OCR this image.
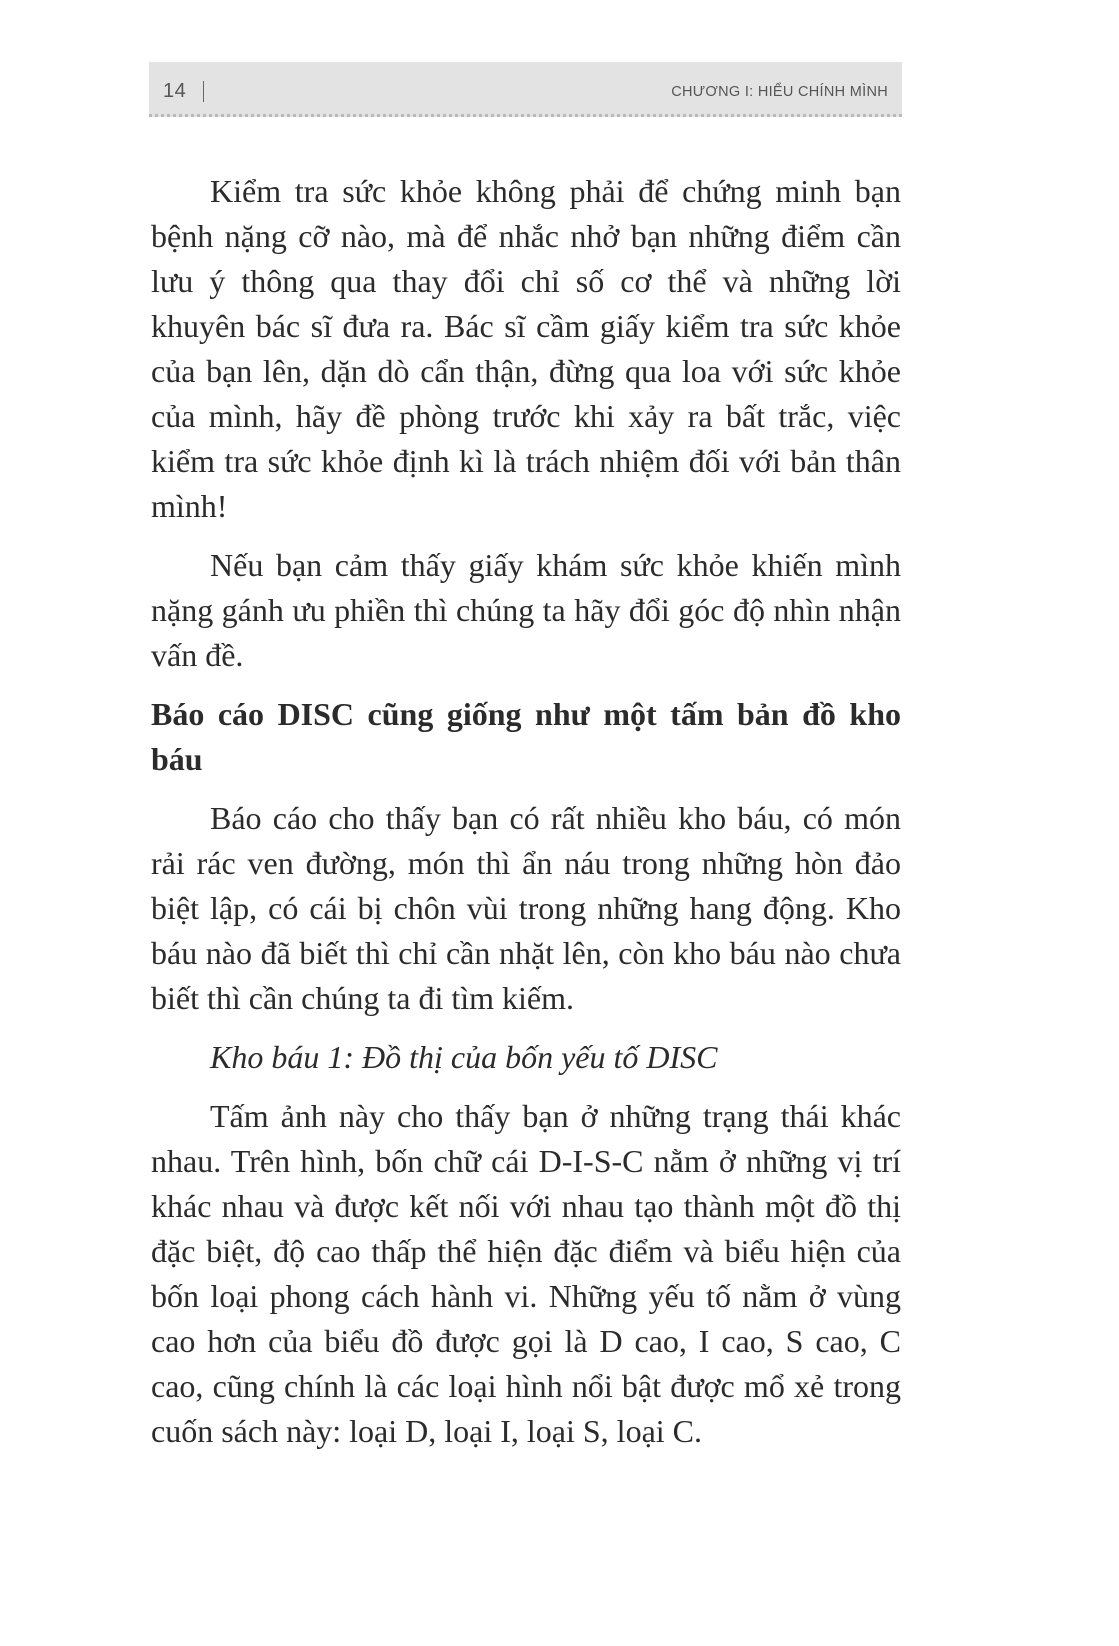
14	CHƯƠNG I: HIỂU CHÍNH MÌNH

Kiểm tra sức khỏe không phải để chứng minh bạn bệnh nặng cỡ nào, mà để nhắc nhở bạn những điểm cần lưu ý thông qua thay đổi chỉ số cơ thể và những lời khuyên bác sĩ đưa ra. Bác sĩ cầm giấy kiểm tra sức khỏe của bạn lên, dặn dò cẩn thận, đừng qua loa với sức khỏe của mình, hãy đề phòng trước khi xảy ra bất trắc, việc kiểm tra sức khỏe định kì là trách nhiệm đối với bản thân mình!

Nếu bạn cảm thấy giấy khám sức khỏe khiến mình nặng gánh ưu phiền thì chúng ta hãy đổi góc độ nhìn nhận vấn đề.

Báo cáo DISC cũng giống như một tấm bản đồ kho báu

Báo cáo cho thấy bạn có rất nhiều kho báu, có món rải rác ven đường, món thì ẩn náu trong những hòn đảo biệt lập, có cái bị chôn vùi trong những hang động. Kho báu nào đã biết thì chỉ cần nhặt lên, còn kho báu nào chưa biết thì cần chúng ta đi tìm kiếm.

Kho báu 1: Đồ thị của bốn yếu tố DISC

Tấm ảnh này cho thấy bạn ở những trạng thái khác nhau. Trên hình, bốn chữ cái D-I-S-C nằm ở những vị trí khác nhau và được kết nối với nhau tạo thành một đồ thị đặc biệt, độ cao thấp thể hiện đặc điểm và biểu hiện của bốn loại phong cách hành vi. Những yếu tố nằm ở vùng cao hơn của biểu đồ được gọi là D cao, I cao, S cao, C cao, cũng chính là các loại hình nổi bật được mổ xẻ trong cuốn sách này: loại D, loại I, loại S, loại C.
